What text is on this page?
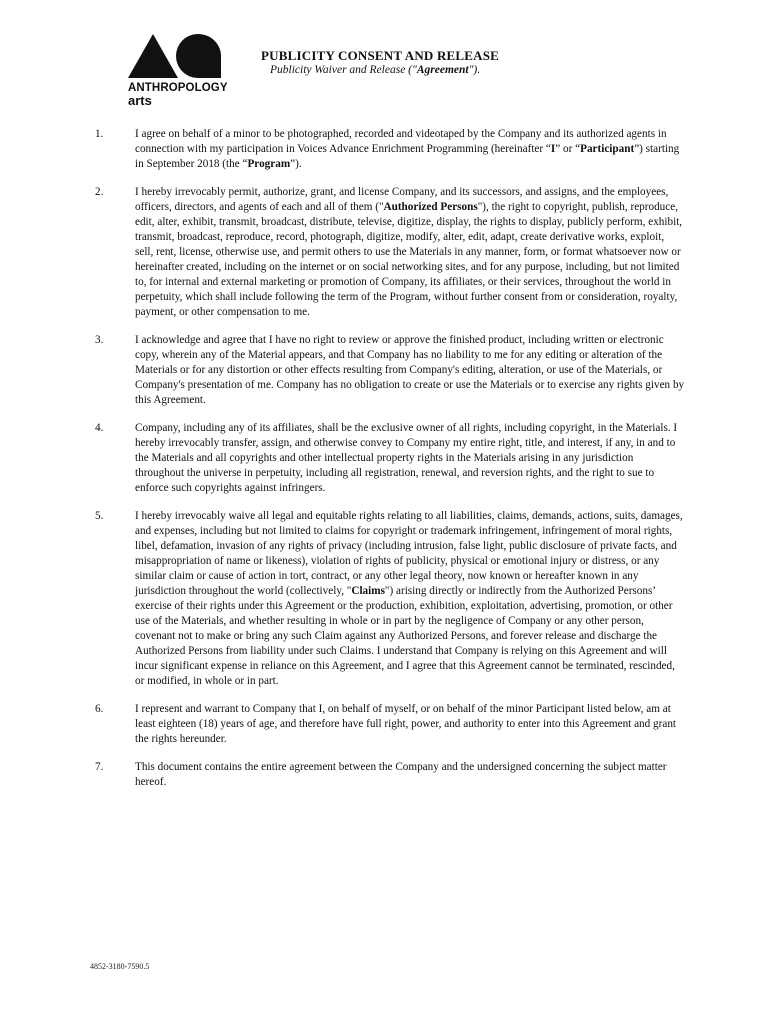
ANTHROPOLOGY
arts
PUBLICITY CONSENT AND RELEASE
Publicity Waiver and Release ("Agreement").
1.	I agree on behalf of a minor to be photographed, recorded and videotaped by the Company and its authorized agents in connection with my participation in Voices Advance Enrichment Programming (hereinafter “I” or “Participant”) starting in September 2018 (the “Program”).
2.	I hereby irrevocably permit, authorize, grant, and license Company, and its successors, and assigns, and the employees, officers, directors, and agents of each and all of them ("Authorized Persons"), the right to copyright, publish, reproduce, edit, alter, exhibit, transmit, broadcast, distribute, televise, digitize, display, the rights to display, publicly perform, exhibit, transmit, broadcast, reproduce, record, photograph, digitize, modify, alter, edit, adapt, create derivative works, exploit, sell, rent, license, otherwise use, and permit others to use the Materials in any manner, form, or format whatsoever now or hereinafter created, including on the internet or on social networking sites, and for any purpose, including, but not limited to, for internal and external marketing or promotion of Company, its affiliates, or their services, throughout the world in perpetuity, which shall include following the term of the Program, without further consent from or consideration, royalty, payment, or other compensation to me.
3.	I acknowledge and agree that I have no right to review or approve the finished product, including written or electronic copy, wherein any of the Material appears, and that Company has no liability to me for any editing or alteration of the Materials or for any distortion or other effects resulting from Company's editing, alteration, or use of the Materials, or Company's presentation of me. Company has no obligation to create or use the Materials or to exercise any rights given by this Agreement.
4.	Company, including any of its affiliates, shall be the exclusive owner of all rights, including copyright, in the Materials. I hereby irrevocably transfer, assign, and otherwise convey to Company my entire right, title, and interest, if any, in and to the Materials and all copyrights and other intellectual property rights in the Materials arising in any jurisdiction throughout the universe in perpetuity, including all registration, renewal, and reversion rights, and the right to sue to enforce such copyrights against infringers.
5.	I hereby irrevocably waive all legal and equitable rights relating to all liabilities, claims, demands, actions, suits, damages, and expenses, including but not limited to claims for copyright or trademark infringement, infringement of moral rights, libel, defamation, invasion of any rights of privacy (including intrusion, false light, public disclosure of private facts, and misappropriation of name or likeness), violation of rights of publicity, physical or emotional injury or distress, or any similar claim or cause of action in tort, contract, or any other legal theory, now known or hereafter known in any jurisdiction throughout the world (collectively, "Claims") arising directly or indirectly from the Authorized Persons’ exercise of their rights under this Agreement or the production, exhibition, exploitation, advertising, promotion, or other use of the Materials, and whether resulting in whole or in part by the negligence of Company or any other person, covenant not to make or bring any such Claim against any Authorized Persons, and forever release and discharge the Authorized Persons from liability under such Claims. I understand that Company is relying on this Agreement and will incur significant expense in reliance on this Agreement, and I agree that this Agreement cannot be terminated, rescinded, or modified, in whole or in part.
6.	I represent and warrant to Company that I, on behalf of myself, or on behalf of the minor Participant listed below, am at least eighteen (18) years of age, and therefore have full right, power, and authority to enter into this Agreement and grant the rights hereunder.
7.	This document contains the entire agreement between the Company and the undersigned concerning the subject matter hereof.
4852-3180-7590.5
